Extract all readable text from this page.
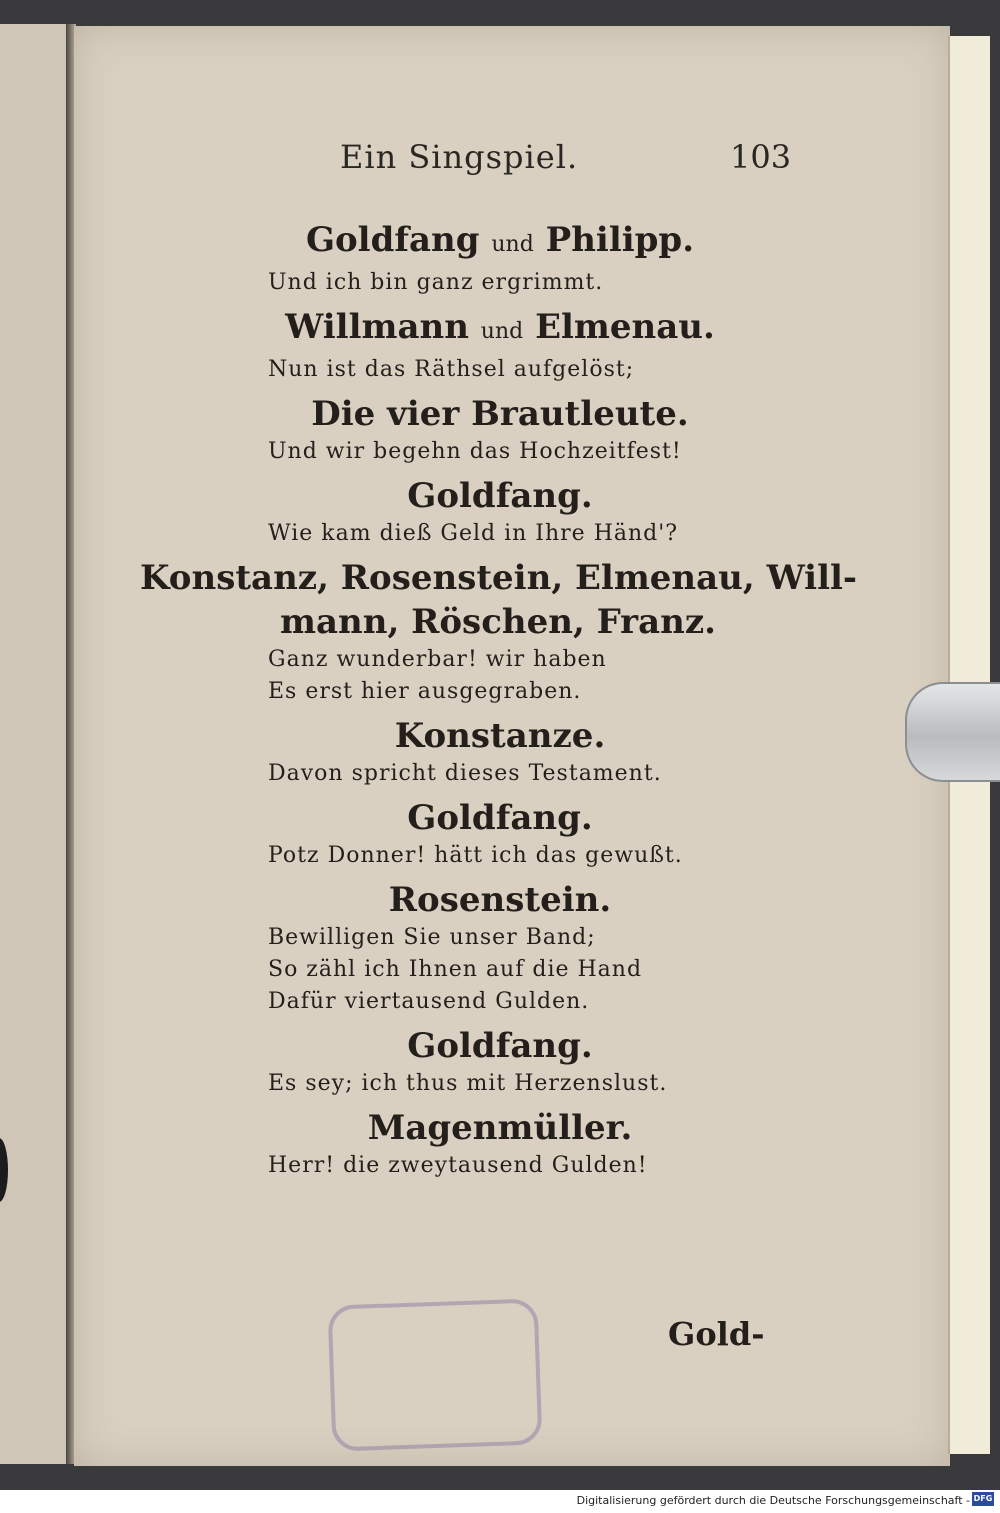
Ein Singspiel.	103
Goldfang und Philipp.
Und ich bin ganz ergrimmt.
Willmann und Elmenau.
Nun ist das Räthsel aufgelöst;
Die vier Brautleute.
Und wir begehn das Hochzeitfest!
Goldfang.
Wie kam dieß Geld in Ihre Händ'?
Konstanz, Rosenstein, Elmenau, Will-
mann, Röschen, Franz.
Ganz wunderbar! wir haben
Es erst hier ausgegraben.
Konstanze.
Davon spricht dieses Testament.
Goldfang.
Potz Donner! hätt ich das gewußt.
Rosenstein.
Bewilligen Sie unser Band;
So zähl ich Ihnen auf die Hand
Dafür viertausend Gulden.
Goldfang.
Es sey; ich thus mit Herzenslust.
Magenmüller.
Herr! die zweytausend Gulden!
Gold-
Digitalisierung gefördert durch die Deutsche Forschungsgemeinschaft - DFG
